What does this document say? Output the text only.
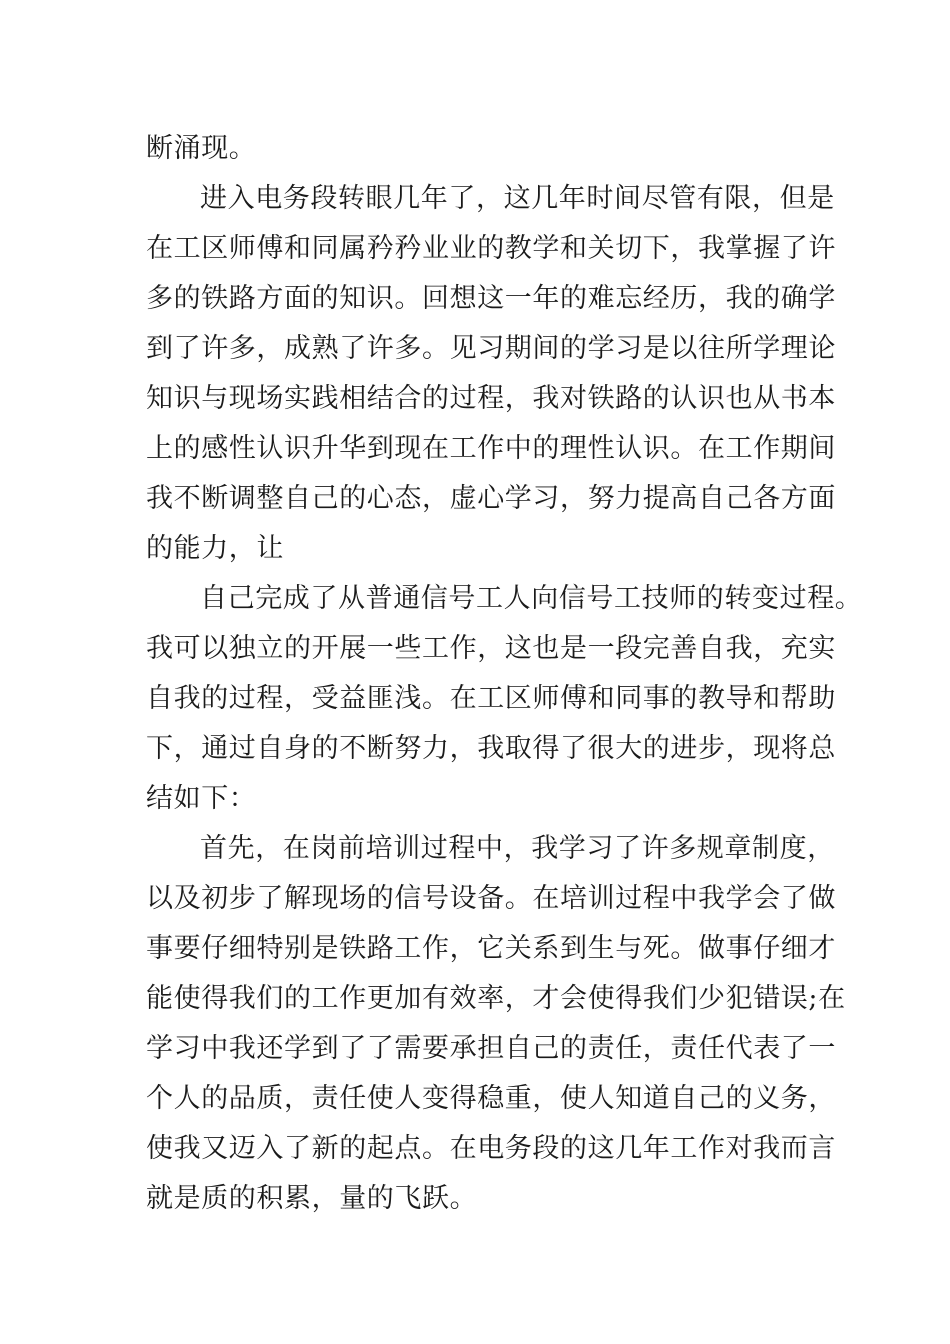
断涌现。
进入电务段转眼几年了，这几年时间尽管有限，但是
在工区师傅和同属矜矜业业的教学和关切下，我掌握了许
多的铁路方面的知识。回想这一年的难忘经历，我的确学
到了许多，成熟了许多。见习期间的学习是以往所学理论
知识与现场实践相结合的过程，我对铁路的认识也从书本
上的感性认识升华到现在工作中的理性认识。在工作期间
我不断调整自己的心态，虚心学习，努力提高自己各方面
的能力，让
自己完成了从普通信号工人向信号工技师的转变过程。
我可以独立的开展一些工作，这也是一段完善自我，充实
自我的过程，受益匪浅。在工区师傅和同事的教导和帮助
下，通过自身的不断努力，我取得了很大的进步，现将总
结如下：
首先，在岗前培训过程中，我学习了许多规章制度，
以及初步了解现场的信号设备。在培训过程中我学会了做
事要仔细特别是铁路工作，它关系到生与死。做事仔细才
能使得我们的工作更加有效率，才会使得我们少犯错误;在
学习中我还学到了了需要承担自己的责任，责任代表了一
个人的品质，责任使人变得稳重，使人知道自己的义务，
使我又迈入了新的起点。在电务段的这几年工作对我而言
就是质的积累，量的飞跃。
